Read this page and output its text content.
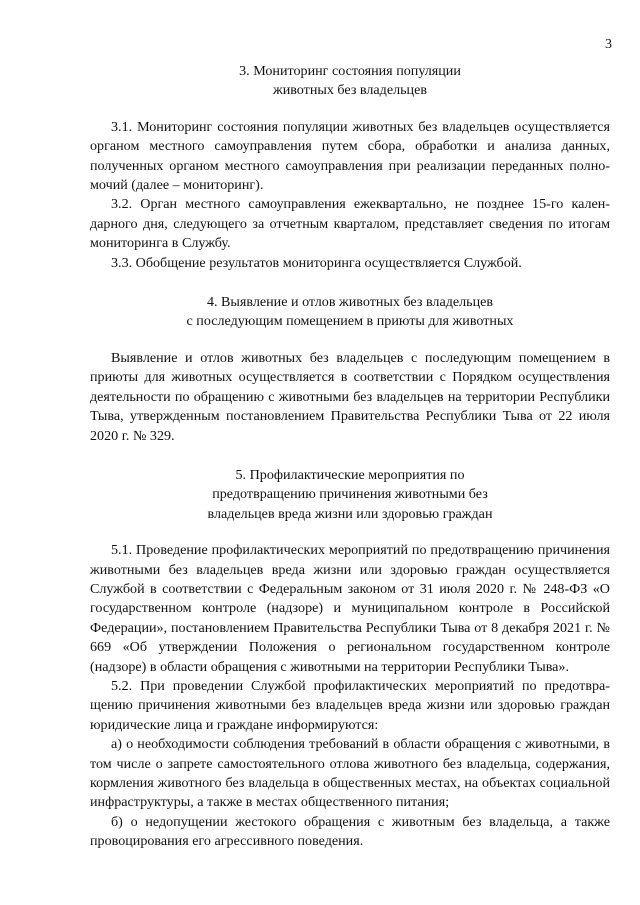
3
3. Мониторинг состояния популяции
животных без владельцев

3.1. Мониторинг состояния популяции животных без владельцев осуществляется органом местного самоуправления путем сбора, обработки и анализа данных, полученных органом местного самоуправления при реализации переданных полномочий (далее – мониторинг).

3.2. Орган местного самоуправления ежеквартально, не позднее 15-го календарного дня, следующего за отчетным кварталом, представляет сведения по итогам мониторинга в Службу.

3.3. Обобщение результатов мониторинга осуществляется Службой.

4. Выявление и отлов животных без владельцев
с последующим помещением в приюты для животных

Выявление и отлов животных без владельцев с последующим помещением в приюты для животных осуществляется в соответствии с Порядком осуществления деятельности по обращению с животными без владельцев на территории Республики Тыва, утвержденным постановлением Правительства Республики Тыва от 22 июля 2020 г. № 329.

5. Профилактические мероприятия по
предотвращению причинения животными без
владельцев вреда жизни или здоровью граждан

5.1. Проведение профилактических мероприятий по предотвращению причинения животными без владельцев вреда жизни или здоровью граждан осуществляется Службой в соответствии с Федеральным законом от 31 июля 2020 г. № 248-ФЗ «О государственном контроле (надзоре) и муниципальном контроле в Российской Федерации», постановлением Правительства Республики Тыва от 8 декабря 2021 г. № 669 «Об утверждении Положения о региональном государственном контроле (надзоре) в области обращения с животными на территории Республики Тыва».

5.2. При проведении Службой профилактических мероприятий по предотвращению причинения животными без владельцев вреда жизни или здоровью граждан юридические лица и граждане информируются:

а) о необходимости соблюдения требований в области обращения с животными, в том числе о запрете самостоятельного отлова животного без владельца, содержания, кормления животного без владельца в общественных местах, на объектах социальной инфраструктуры, а также в местах общественного питания;

б) о недопущении жестокого обращения с животным без владельца, а также провоцирования его агрессивного поведения.
